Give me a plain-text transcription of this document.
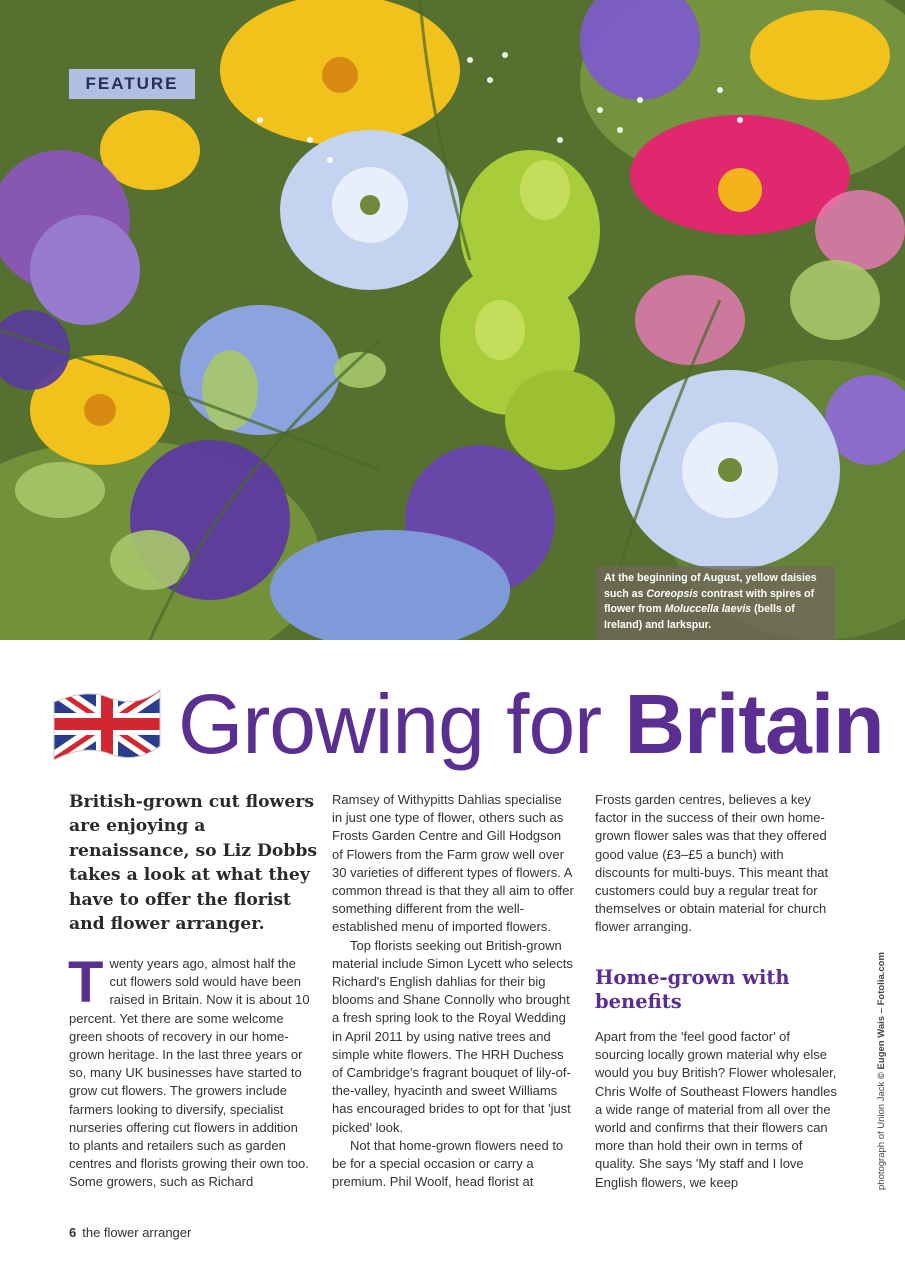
FEATURE
At the beginning of August, yellow daisies such as Coreopsis contrast with spires of flower from Moluccella laevis (bells of Ireland) and larkspur.
Growing for Britain
British-grown cut flowers are enjoying a renaissance, so Liz Dobbs takes a look at what they have to offer the florist and flower arranger.
T wenty years ago, almost half the cut flowers sold would have been raised in Britain. Now it is about 10 percent. Yet there are some welcome green shoots of recovery in our home-grown heritage. In the last three years or so, many UK businesses have started to grow cut flowers. The growers include farmers looking to diversify, specialist nurseries offering cut flowers in addition to plants and retailers such as garden centres and florists growing their own too. Some growers, such as Richard

Ramsey of Withypitts Dahlias specialise in just one type of flower, others such as Frosts Garden Centre and Gill Hodgson of Flowers from the Farm grow well over 30 varieties of different types of flowers. A common thread is that they all aim to offer something different from the well-established menu of imported flowers.

Top florists seeking out British-grown material include Simon Lycett who selects Richard's English dahlias for their big blooms and Shane Connolly who brought a fresh spring look to the Royal Wedding in April 2011 by using native trees and simple white flowers. The HRH Duchess of Cambridge's fragrant bouquet of lily-of-the-valley, hyacinth and sweet Williams has encouraged brides to opt for that 'just picked' look.

Not that home-grown flowers need to be for a special occasion or carry a premium. Phil Woolf, head florist at

Frosts garden centres, believes a key factor in the success of their own home-grown flower sales was that they offered good value (£3–£5 a bunch) with discounts for multi-buys. This meant that customers could buy a regular treat for themselves or obtain material for church flower arranging.

Home-grown with benefits

Apart from the 'feel good factor' of sourcing locally grown material why else would you buy British? Flower wholesaler, Chris Wolfe of Southeast Flowers handles a wide range of material from all over the world and confirms that their flowers can more than hold their own in terms of quality. She says 'My staff and I love English flowers, we keep	photograph of Union Jack © Eugen Wais – Fotolia.com
6 the flower arranger
